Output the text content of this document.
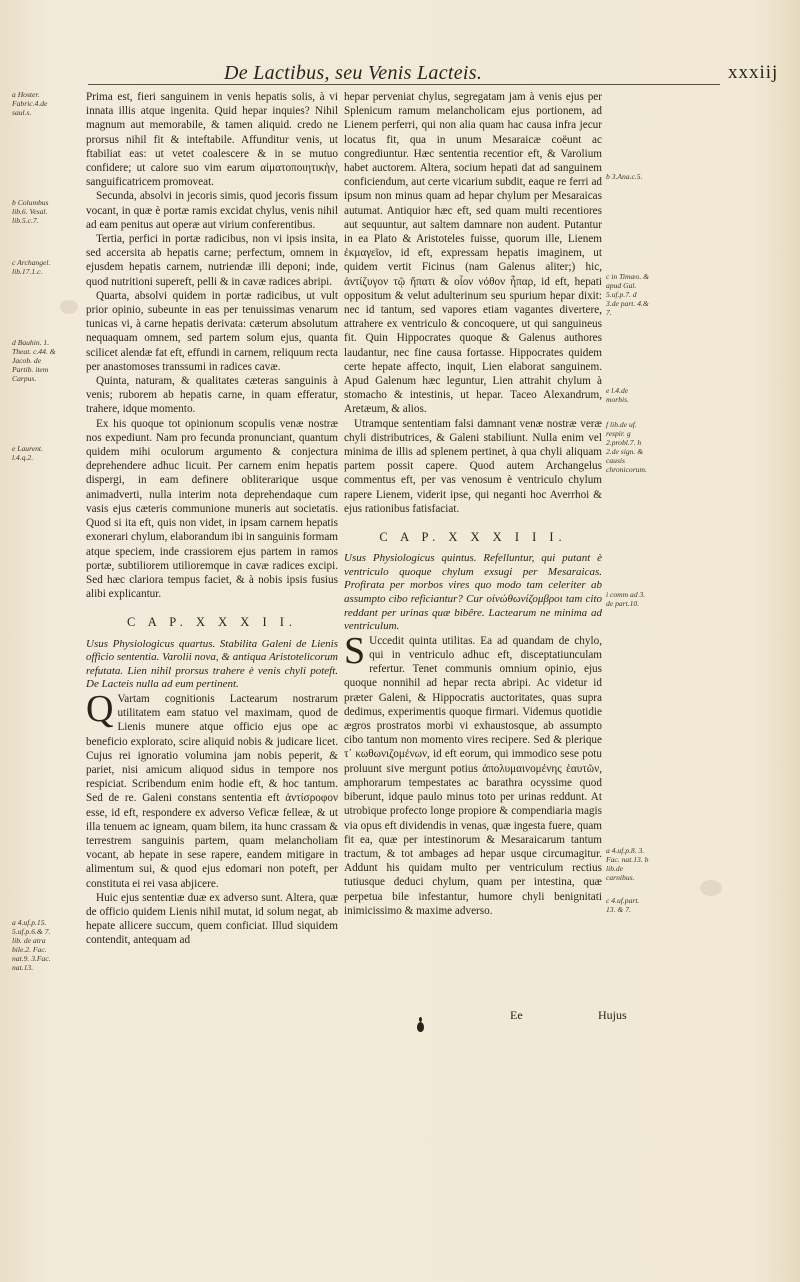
De Lactibus, seu Venis Lacteis.	xxxiij
a Hoster. Fabric.4.de saul.s.
b Columbus lib.6. Vesal. lib.5.c.7.
c Archangel. lib.17.1.c.
d Bauhin. 1. Theat. c.44. & Jacob. de Partib. item Carpus.
e Laurent. l.4.q.2.
a 4.uf.p.15. 5.uf.p.6.& 7. lib. de atra bile.2. Fac. nat.9. 3.Fac. nat.13.

Prima est, fieri sanguinem in venis hepatis solis, à vi innata illis atque ingenita. Quid hepar inquies? Nihil magnum aut memorabile, & tamen aliquid. credo ne prorsus nihil fit & inteftabile. Affunditur venis, ut ftabiliat eas: ut vetet coalescere & in se mutuo confidere; ut calore suo vim earum αἱματοποιητικὴν, sanguificatricem promoveat.

Secunda, absolvi in jecoris simis, quod jecoris fissum vocant, in quæ è portæ ramis excidat chylus, venis nihil ad eam penitus aut operæ aut virium conferentibus.

Tertia, perfici in portæ radicibus, non vi ipsis insita, sed accersita ab hepatis carne; perfectum, omnem in ejusdem hepatis carnem, nutriendæ illi deponi; inde, quod nutritioni supereft, pelli & in cavæ radices abripi.

Quarta, absolvi quidem in portæ radicibus, ut vult prior opinio, subeunte in eas per tenuissimas venarum tunicas vi, à carne hepatis derivata: cæterum absolutum nequaquam omnem, sed partem solum ejus, quanta scilicet alendæ fat eft, effundi in carnem, reliquum recta per anastomoses transsumi in radices cavæ.

Quinta, naturam, & qualitates cæteras sanguinis à venis; ruborem ab hepatis carne, in quam efferatur, trahere, idque momento.

Ex his quoque tot opinionum scopulis venæ nostræ nos expediunt. Nam pro fecunda pronunciant, quantum quidem mihi oculorum argumento & conjectura deprehendere adhuc licuit. Per carnem enim hepatis dispergi, in eam definere obliterarique usque animadverti, nulla interim nota deprehendaque cum vasis ejus cæteris communione muneris aut societatis. Quod si ita eft, quis non videt, in ipsam carnem hepatis exonerari chylum, elaborandum ibi in sanguinis formam atque speciem, inde crassiorem ejus partem in ramos portæ, subtiliorem utilioremque in cavæ radices excipi. Sed hæc clariora tempus faciet, & à nobis ipsis fusius alibi explicantur.

C A P. X X X I I.

Usus Physiologicus quartus. Stabilita Galeni de Lienis officio sententia. Varolii nova, & antiqua Aristotelicorum refutata. Lien nihil prorsus trahere è venis chyli poteft. De Lacteis nulla ad eum pertinent.

Q Vartam cognitionis Lactearum nostrarum utilitatem eam statuo vel maximam, quod de Lienis munere atque officio ejus ope ac beneficio explorato, scire aliquid nobis & judicare licet. Cujus rei ignoratio volumina jam nobis peperit, & pariet, nisi amicum aliquod sidus in tempore nos respiciat. Scribendum enim hodie eft, & hoc tantum. Sed de re. Galeni constans sententia eft ἀντίσροφον esse, id eft, respondere ex adverso Veficæ felleæ, & ut illa tenuem ac igneam, quam bilem, ita hunc crassam & terrestrem sanguinis partem, quam melancholiam vocant, ab hepate in sese rapere, eandem mitigare in alimentum sui, & quod ejus edomari non poteft, per constituta ei rei vasa abjicere.

Huic ejus sententiæ duæ ex adverso sunt. Altera, quæ de officio quidem Lienis nihil mutat, id solum negat, ab hepate allicere succum, quem conficiat. Illud siquidem contendit, antequam ad

hepar perveniat chylus, segregatam jam à venis ejus per Splenicum ramum melancholicam ejus portionem, ad Lienem perferri, qui non alia quam hac causa infra jecur locatus fit, qua in unum Mesaraicæ coëunt ac congrediuntur. Hæc sententia recentior eft, & Varolium habet auctorem. Altera, socium hepati dat ad sanguinem conficiendum, aut certe vicarium subdit, eaque re ferri ad ipsum non minus quam ad hepar chylum per Mesaraicas autumat. Antiquior hæc eft, sed quam multi recentiores aut sequuntur, aut saltem damnare non audent. Putantur in ea Plato & Aristoteles fuisse, quorum ille, Lienem ἐκμαγεῖον, id eft, expressam hepatis imaginem, ut quidem vertit Ficinus (nam Galenus aliter;) hic, ἀντίζυγον τῷ ἥπατι & οἷον νόθον ἧπαρ, id eft, hepati oppositum & velut adulterinum seu spurium hepar dixit: nec id tantum, sed vapores etiam vagantes divertere, attrahere ex ventriculo & concoquere, ut qui sanguineus fit. Quin Hippocrates quoque & Galenus authores laudantur, nec fine causa fortasse. Hippocrates quidem certe hepate affecto, inquit, Lien elaborat sanguinem. Apud Galenum hæc leguntur, Lien attrahit chylum à stomacho & intestinis, ut hepar. Taceo Alexandrum, Aretæum, & alios.

Utramque sententiam falsi damnant venæ nostræ veræ chyli distributrices, & Galeni stabiliunt. Nulla enim vel minima de illis ad splenem pertinet, à qua chyli aliquam partem possit capere. Quod autem Archangelus commentus eft, per vas venosum è ventriculo chylum rapere Lienem, viderit ipse, qui neganti hoc Averrhoi & ejus rationibus fatisfaciat.

C A P. X X X I I I.

Usus Physiologicus quintus. Refelluntur, qui putant è ventriculo quoque chylum exsugi per Mesaraicas. Profirata per morbos vires quo modo tam celeriter ab assumpto cibo reficiantur? Cur οἰνώθωνίζομβροι tam cito reddant per urinas quæ bibêre. Lactearum ne minima ad ventriculum.

S Uccedit quinta utilitas. Ea ad quandam de chylo, qui in ventriculo adhuc eft, disceptatiunculam refertur. Tenet communis omnium opinio, ejus quoque nonnihil ad hepar recta abripi. Ac videtur id præter Galeni, & Hippocratis auctoritates, quas supra dedimus, experimentis quoque firmari. Videmus quotidie ægros prostratos morbi vi exhaustosque, ab assumpto cibo tantum non momento vires recipere. Sed & plerique τ᾽ κωθωνιζομένων, id eft eorum, qui immodico sese potu proluunt sive mergunt potius ἀπολυμαινομένης ἑαυτῶν, amphorarum tempestates ac barathra ocyssime quod biberunt, idque paulo minus toto per urinas reddunt. At utrobique profecto longe propiore & compendiaria magis via opus eft dividendis in venas, quæ ingesta fuere, quam fit ea, quæ per intestinorum & Mesaraicarum tantum tractum, & tot ambages ad hepar usque circumagitur. Addunt his quidam multo per ventriculum rectius tutiusque deduci chylum, quam per intestina, quæ perpetua bile infestantur, humore chyli benignitati inimicissimo & maxime adverso.

b 3.Ana.c.5.
c in Timæo. & apud Gal. 5.uf.p.7. d 3.de part. 4.& 7.
e l.4.de morbis.
f lib.de uf. respir. g 2.probl.7. h 2.de sign. & causis chronicorum.
i comm ad 3. de part.10.
a 4.uf.p.8. 3. Fac. nat.13. b lib.de carnibus.
c 4.uf.part. 13. & 7.
Ee	Hujus
